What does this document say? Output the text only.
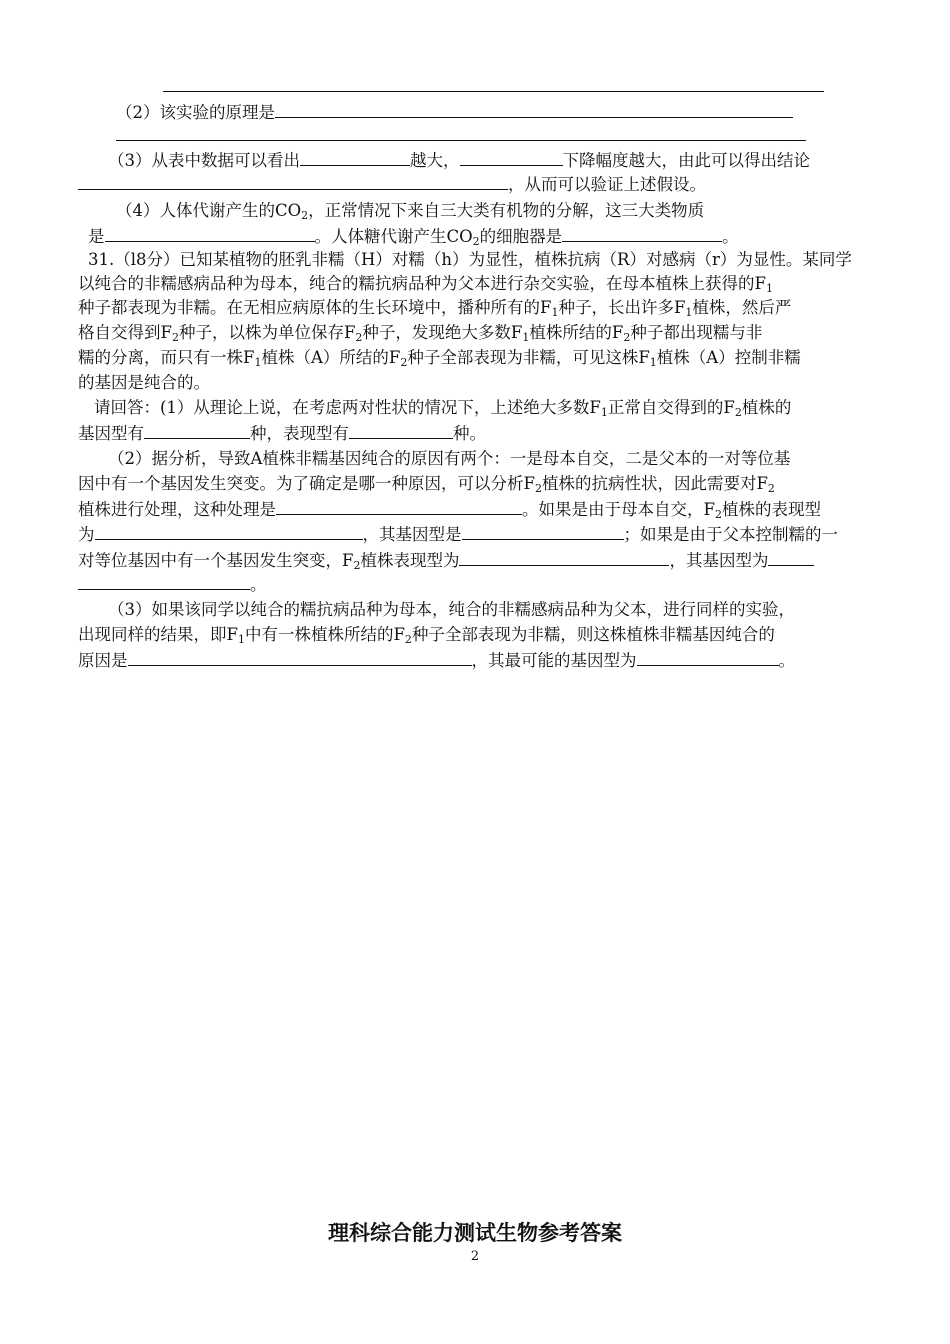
（2）该实验的原理是
（3）从表中数据可以看出	越大，	下降幅度越大，由此可以得出结论
，从而可以验证上述假设。
（4）人体代谢产生的$CO_2$，正常情况下来自三大类有机物的分解，这三大类物质
是	。人体糖代谢产生$CO_2$的细胞器是	。
31.（l8分）已知某植物的胚乳非糯（H）对糯（h）为显性，植株抗病（R）对感病（r）为显性。某同学
以纯合的非糯感病品种为母本，纯合的糯抗病品种为父本进行杂交实验，在母本植株上获得的$F_1$
种子都表现为非糯。在无相应病原体的生长环境中，播种所有的$F_1$种子，长出许多$F_1$植株，然后严
格自交得到$F_2$种子，以株为单位保存$F_2$种子，发现绝大多数$F_1$植株所结的$F_2$种子都出现糯与非
糯的分离，而只有一株$F_1$植株（A）所结的$F_2$种子全部表现为非糯，可见这株$F_1$植株（A）控制非糯
的基因是纯合的。
请回答：(1）从理论上说，在考虑两对性状的情况下，上述绝大多数$F_1$正常自交得到的$F_2$植株的
基因型有	种，表现型有	种。
（2）据分析，导致A植株非糯基因纯合的原因有两个：一是母本自交，二是父本的一对等位基
因中有一个基因发生突变。为了确定是哪一种原因，可以分析$F_2$植株的抗病性状，因此需要对$F_2$
植株进行处理，这种处理是	。如果是由于母本自交，$F_2$植株的表现型
为	，其基因型是	；如果是由于父本控制糯的一
对等位基因中有一个基因发生突变，$F_2$植株表现型为	，其基因型为
。
（3）如果该同学以纯合的糯抗病品种为母本，纯合的非糯感病品种为父本，进行同样的实验，
出现同样的结果，即$F_1$中有一株植株所结的$F_2$种子全部表现为非糯，则这株植株非糯基因纯合的
原因是	，其最可能的基因型为	。
理科综合能力测试生物参考答案
2
